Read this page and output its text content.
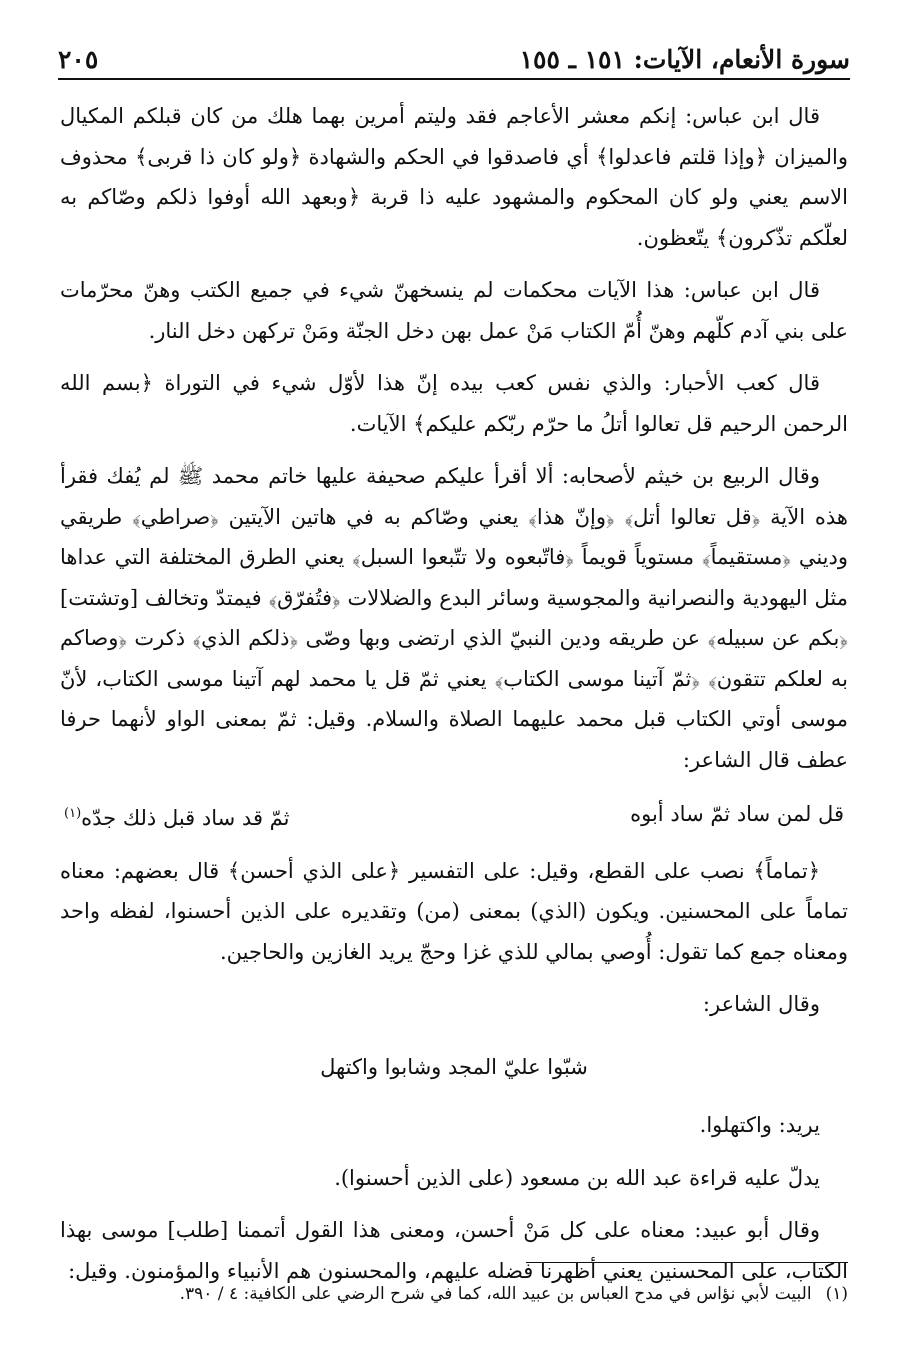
سورة الأنعام، الآيات: ١٥١ ـ ١٥٥
٢٠٥

قال ابن عباس: إنكم معشر الأعاجم فقد وليتم أمرين بهما هلك من كان قبلكم المكيال والميزان ﴿وإذا قلتم فاعدلوا﴾ أي فاصدقوا في الحكم والشهادة ﴿ولو كان ذا قربى﴾ محذوف الاسم يعني ولو كان المحكوم والمشهود عليه ذا قربة ﴿وبعهد الله أوفوا ذلكم وصّاكم به لعلّكم تذّكرون﴾ يتّعظون.

قال ابن عباس: هذا الآيات محكمات لم ينسخهنّ شيء في جميع الكتب وهنّ محرّمات على بني آدم كلّهم وهنّ أُمّ الكتاب مَنْ عمل بهن دخل الجنّة ومَنْ تركهن دخل النار.

قال كعب الأحبار: والذي نفس كعب بيده إنّ هذا لأوّل شيء في التوراة ﴿بسم الله الرحمن الرحيم قل تعالوا أتلُ ما حرّم ربّكم عليكم﴾ الآيات.

وقال الربيع بن خيثم لأصحابه: ألا أقرأ عليكم صحيفة عليها خاتم محمد ﷺ لم يُفك فقرأ هذه الآية ﴿قل تعالوا أتل﴾ ﴿وإنّ هذا﴾ يعني وصّاكم به في هاتين الآيتين ﴿صراطي﴾ طريقي وديني ﴿مستقيماً﴾ مستوياً قويماً ﴿فاتّبعوه ولا تتّبعوا السبل﴾ يعني الطرق المختلفة التي عداها مثل اليهودية والنصرانية والمجوسية وسائر البدع والضلالات ﴿فتُفرّق﴾ فيمتدّ وتخالف [وتشتت] ﴿بكم عن سبيله﴾ عن طريقه ودين النبيّ الذي ارتضى وبها وصّى ﴿ذلكم الذي﴾ ذكرت ﴿وصاكم به لعلكم تتقون﴾ ﴿ثمّ آتينا موسى الكتاب﴾ يعني ثمّ قل يا محمد لهم آتينا موسى الكتاب، لأنّ موسى أوتي الكتاب قبل محمد عليهما الصلاة والسلام. وقيل: ثمّ بمعنى الواو لأنهما حرفا عطف قال الشاعر:

قل لمن ساد ثمّ ساد أبوه
ثمّ قد ساد قبل ذلك جدّه$^{(١)}$

﴿تماماً﴾ نصب على القطع، وقيل: على التفسير ﴿على الذي أحسن﴾ قال بعضهم: معناه تماماً على المحسنين. ويكون (الذي) بمعنى (من) وتقديره على الذين أحسنوا، لفظه واحد ومعناه جمع كما تقول: أُوصي بمالي للذي غزا وحجّ يريد الغازين والحاجين.

وقال الشاعر:

شبّوا عليّ المجد وشابوا واكتهل

يريد: واكتهلوا.

يدلّ عليه قراءة عبد الله بن مسعود (على الذين أحسنوا).

وقال أبو عبيد: معناه على كل مَنْ أحسن، ومعنى هذا القول أتممنا [طلب] موسى بهذا الكتاب، على المحسنين يعني أظهرنا فضله عليهم، والمحسنون هم الأنبياء والمؤمنون. وقيل:

(١)البيت لأبي نؤاس في مدح العباس بن عبيد الله، كما في شرح الرضي على الكافية: ٤ / ٣٩٠.
